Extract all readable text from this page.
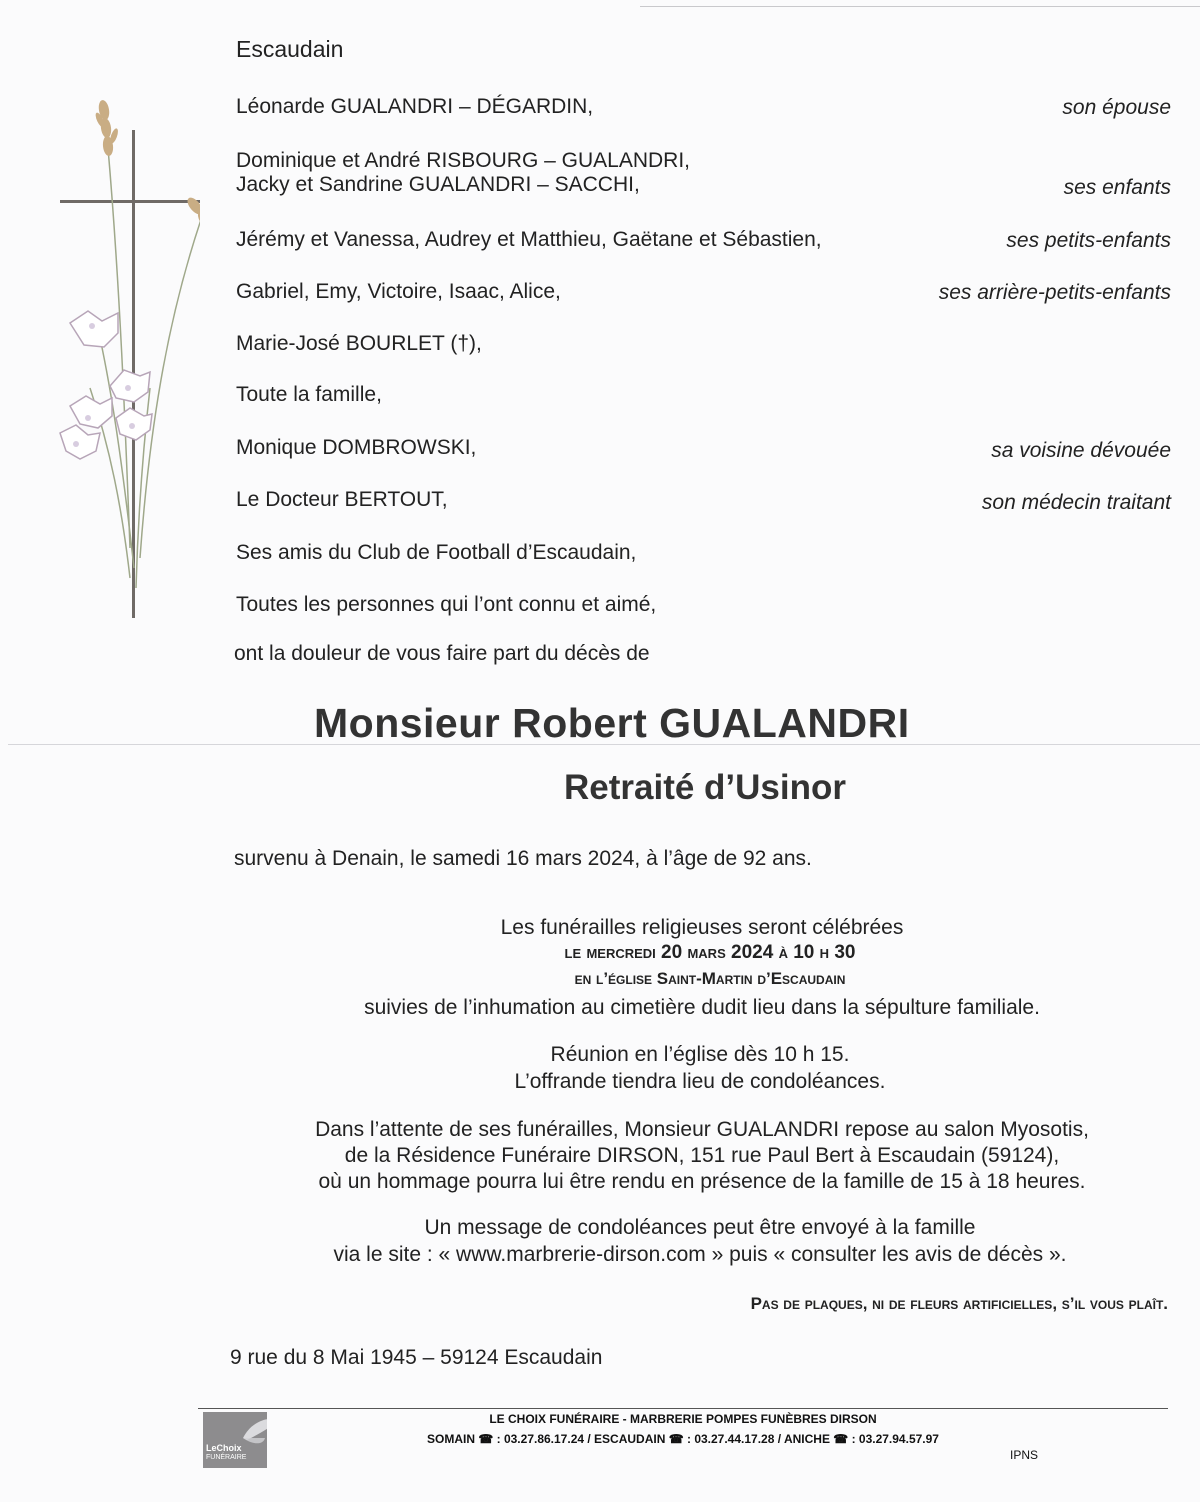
Escaudain
Léonarde GUALANDRI – DÉGARDIN,	son épouse
Dominique et André RISBOURG – GUALANDRI,
Jacky et Sandrine GUALANDRI – SACCHI,	ses enfants
Jérémy et Vanessa, Audrey et Matthieu, Gaëtane et Sébastien,	ses petits-enfants
Gabriel, Emy, Victoire, Isaac, Alice,	ses arrière-petits-enfants
Marie-José BOURLET (†),
Toute la famille,
Monique DOMBROWSKI,	sa voisine dévouée
Le Docteur BERTOUT,	son médecin traitant
Ses amis du Club de Football d’Escaudain,
Toutes les personnes qui l’ont connu et aimé,
ont la douleur de vous faire part du décès de
Monsieur Robert GUALANDRI
Retraité d’Usinor
survenu à Denain, le samedi 16 mars 2024, à l’âge de 92 ans.
Les funérailles religieuses seront célébrées
le mercredi 20 mars 2024 à 10 h 30
en l’église Saint-Martin d’Escaudain
suivies de l’inhumation au cimetière dudit lieu dans la sépulture familiale.
Réunion en l’église dès 10 h 15.
L’offrande tiendra lieu de condoléances.
Dans l’attente de ses funérailles, Monsieur GUALANDRI repose au salon Myosotis,
de la Résidence Funéraire DIRSON, 151 rue Paul Bert à Escaudain (59124),
où un hommage pourra lui être rendu en présence de la famille de 15 à 18 heures.
Un message de condoléances peut être envoyé à la famille
via le site : « www.marbrerie-dirson.com » puis « consulter les avis de décès ».
Pas de plaques, ni de fleurs artificielles, s’il vous plaît.
9 rue du 8 Mai 1945 – 59124 Escaudain
LeChoix
FUNÉRAIRE
LE CHOIX FUNÉRAIRE - MARBRERIE POMPES FUNÈBRES DIRSON
SOMAIN ☎ : 03.27.86.17.24 / ESCAUDAIN ☎ : 03.27.44.17.28 / ANICHE ☎ : 03.27.94.57.97
IPNS
